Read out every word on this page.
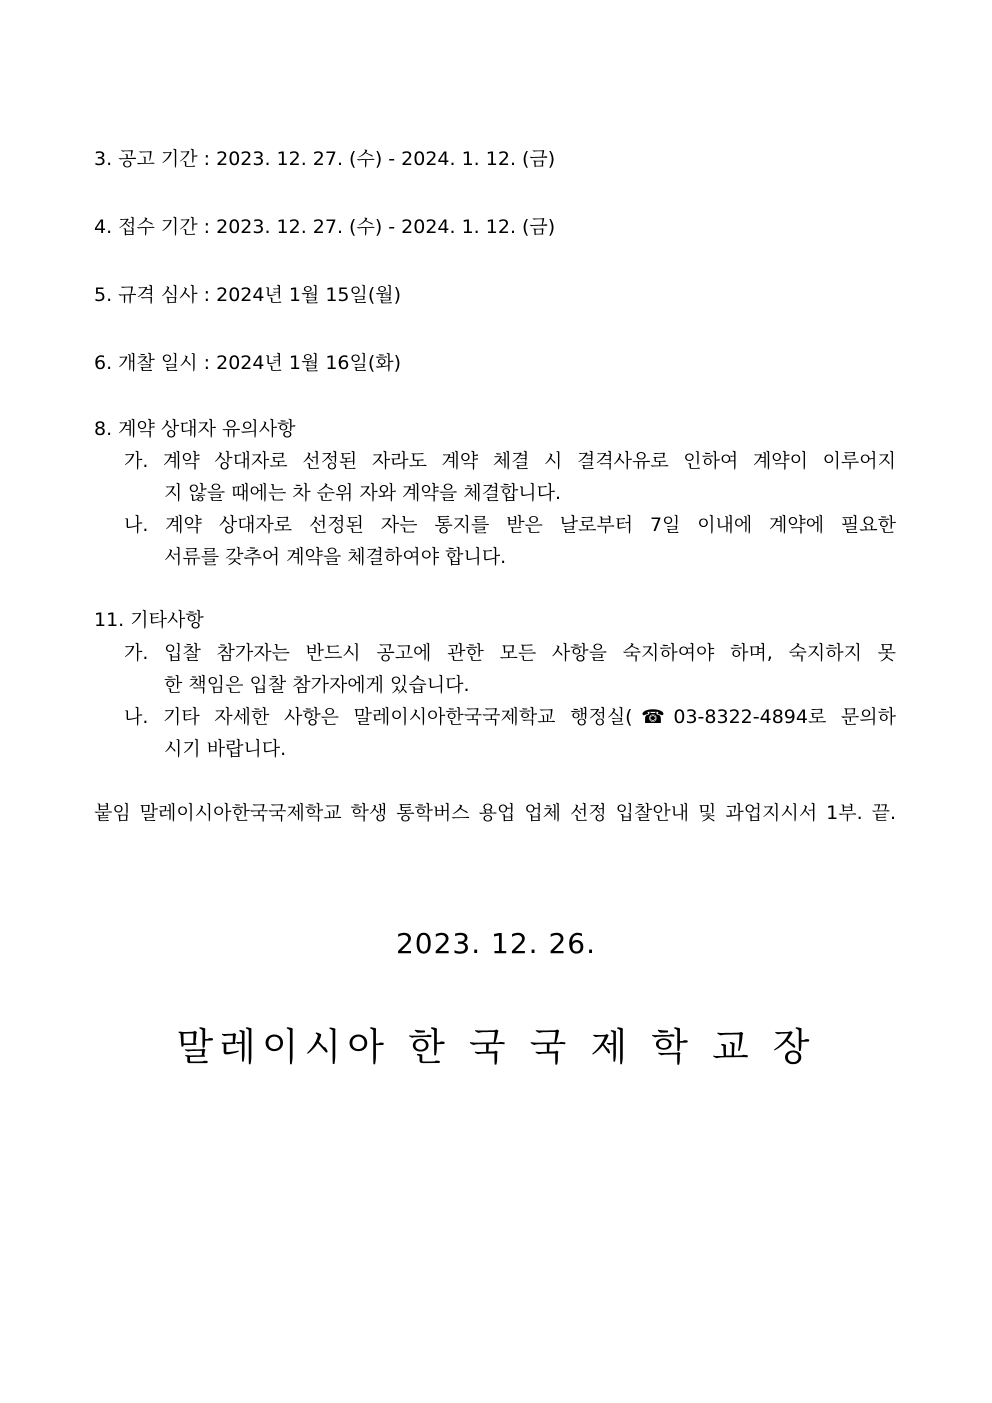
3. 공고 기간 : 2023. 12. 27. (수) - 2024. 1. 12. (금)
4. 접수 기간 : 2023. 12. 27. (수) - 2024. 1. 12. (금)
5. 규격 심사 : 2024년 1월 15일(월)
6. 개찰 일시 : 2024년 1월 16일(화)
8. 계약 상대자 유의사항
가. 계약 상대자로 선정된 자라도 계약 체결 시 결격사유로 인하여 계약이 이루어지
지 않을 때에는 차 순위 자와 계약을 체결합니다.
나. 계약 상대자로 선정된 자는 통지를 받은 날로부터 7일 이내에 계약에 필요한
서류를 갖추어 계약을 체결하여야 합니다.
11. 기타사항
가. 입찰 참가자는 반드시 공고에 관한 모든 사항을 숙지하여야 하며, 숙지하지 못
한 책임은 입찰 참가자에게 있습니다.
나. 기타 자세한 사항은 말레이시아한국국제학교 행정실(☎03-8322-4894로 문의하
시기 바랍니다.
붙임 말레이시아한국국제학교 학생 통학버스 용업 업체 선정 입찰안내 및 과업지시서 1부. 끝.
2023. 12. 26.
말레이시아 한 국 국 제 학 교 장
